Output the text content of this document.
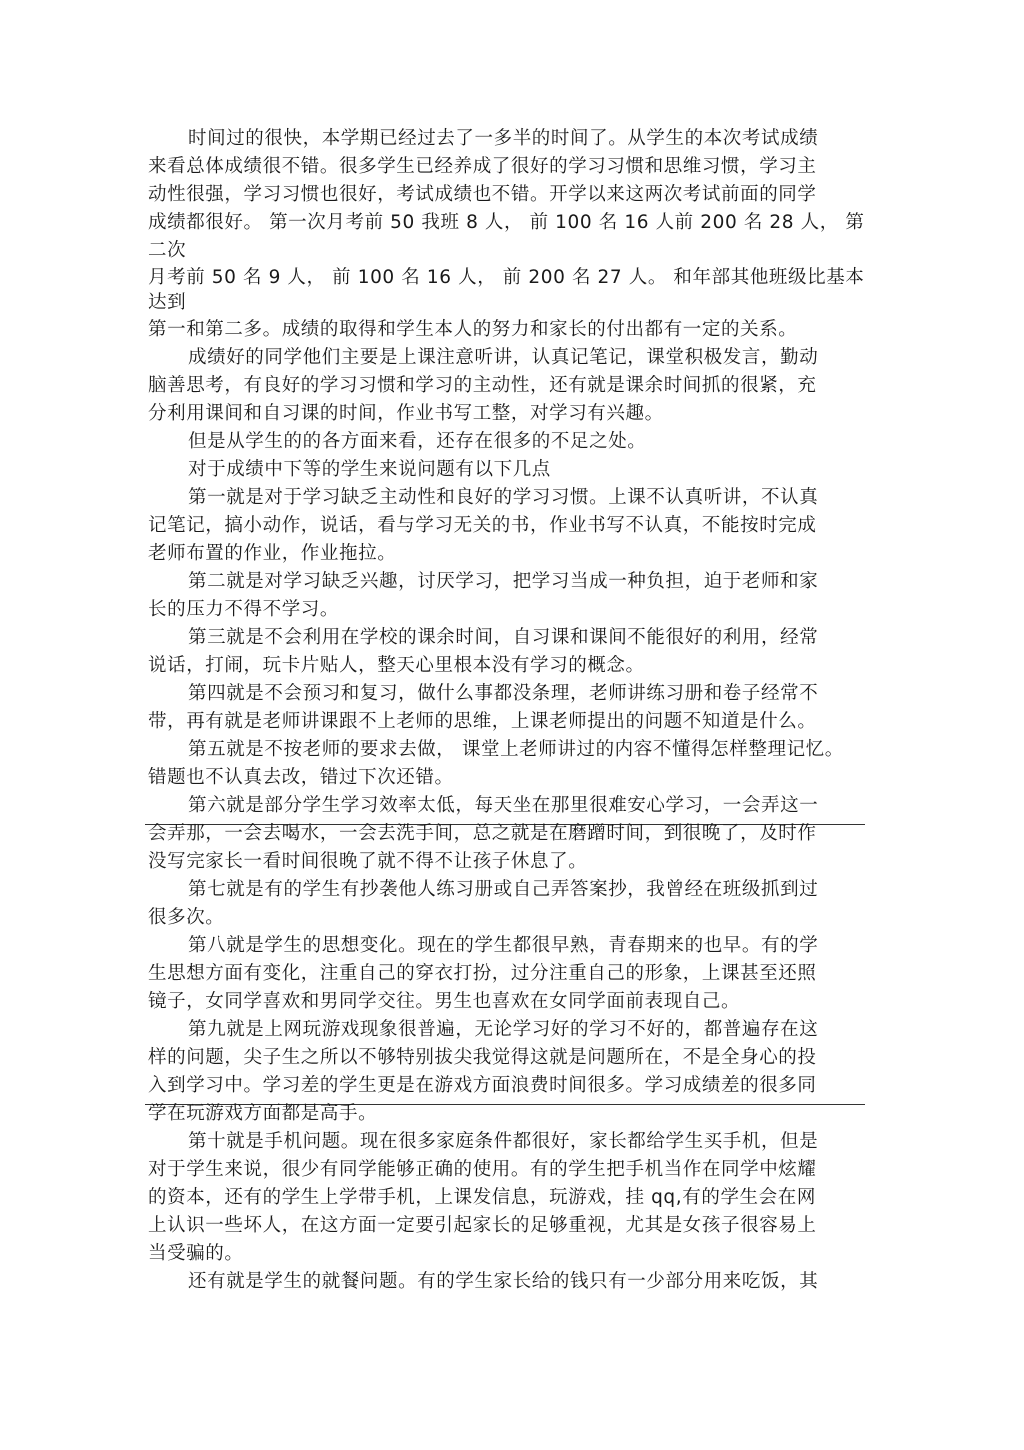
时间过的很快，本学期已经过去了一多半的时间了。从学生的本次考试成绩
来看总体成绩很不错。很多学生已经养成了很好的学习习惯和思维习惯，学习主
动性很强，学习习惯也很好，考试成绩也不错。开学以来这两次考试前面的同学
成绩都很好。 第一次月考前 50 我班 8 人， 前 100 名 16 人前 200 名 28 人， 第
二次
月考前 50 名 9 人， 前 100 名 16 人， 前 200 名 27 人。 和年部其他班级比基本
达到
第一和第二多。成绩的取得和学生本人的努力和家长的付出都有一定的关系。
成绩好的同学他们主要是上课注意听讲，认真记笔记，课堂积极发言，勤动
脑善思考，有良好的学习习惯和学习的主动性，还有就是课余时间抓的很紧，充
分利用课间和自习课的时间，作业书写工整，对学习有兴趣。
但是从学生的的各方面来看，还存在很多的不足之处。
对于成绩中下等的学生来说问题有以下几点
第一就是对于学习缺乏主动性和良好的学习习惯。上课不认真听讲，不认真
记笔记，搞小动作，说话，看与学习无关的书，作业书写不认真，不能按时完成
老师布置的作业，作业拖拉。
第二就是对学习缺乏兴趣，讨厌学习，把学习当成一种负担，迫于老师和家
长的压力不得不学习。
第三就是不会利用在学校的课余时间，自习课和课间不能很好的利用，经常
说话，打闹，玩卡片贴人，整天心里根本没有学习的概念。
第四就是不会预习和复习，做什么事都没条理，老师讲练习册和卷子经常不
带，再有就是老师讲课跟不上老师的思维，上课老师提出的问题不知道是什么。
第五就是不按老师的要求去做， 课堂上老师讲过的内容不懂得怎样整理记忆。
错题也不认真去改，错过下次还错。
第六就是部分学生学习效率太低，每天坐在那里很难安心学习，一会弄这一
会弄那，一会去喝水，一会去洗手间，总之就是在磨蹭时间，到很晚了，及时作
没写完家长一看时间很晚了就不得不让孩子休息了。
第七就是有的学生有抄袭他人练习册或自己弄答案抄，我曾经在班级抓到过
很多次。
第八就是学生的思想变化。现在的学生都很早熟，青春期来的也早。有的学
生思想方面有变化，注重自己的穿衣打扮，过分注重自己的形象，上课甚至还照
镜子，女同学喜欢和男同学交往。男生也喜欢在女同学面前表现自己。
第九就是上网玩游戏现象很普遍，无论学习好的学习不好的，都普遍存在这
样的问题，尖子生之所以不够特别拔尖我觉得这就是问题所在，不是全身心的投
入到学习中。学习差的学生更是在游戏方面浪费时间很多。学习成绩差的很多同
学在玩游戏方面都是高手。
第十就是手机问题。现在很多家庭条件都很好，家长都给学生买手机，但是
对于学生来说，很少有同学能够正确的使用。有的学生把手机当作在同学中炫耀
的资本，还有的学生上学带手机，上课发信息，玩游戏，挂 qq,有的学生会在网
上认识一些坏人，在这方面一定要引起家长的足够重视，尤其是女孩子很容易上
当受骗的。
还有就是学生的就餐问题。有的学生家长给的钱只有一少部分用来吃饭，其
